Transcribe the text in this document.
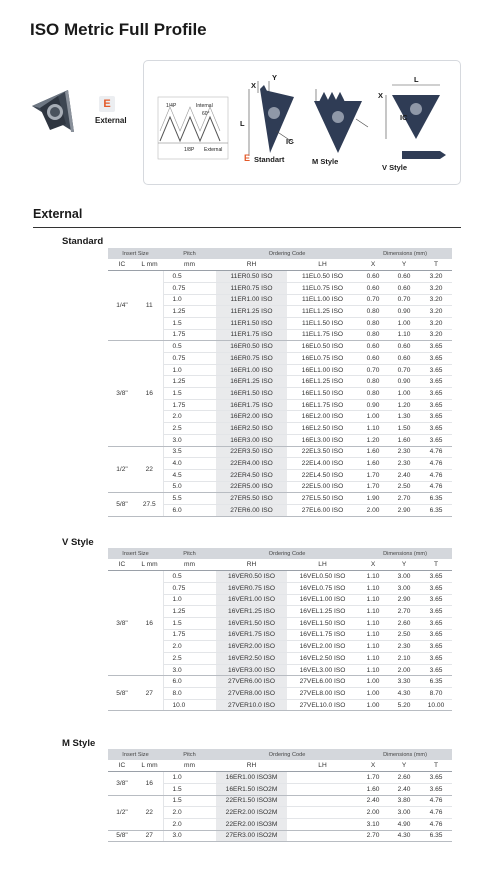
ISO Metric Full Profile
E
External
1/4P	Internal
60°
1/8P External
X
Y
L
IC
E Standart	M Style
X
L
IC
V Style
External
Standard
Insert Size		Pitch	Ordering Code		Dimensions (mm)		
IC	L mm	mm	RH	LH	X	Y	T
1/4"	11	0.5	11ER0.50 ISO	11EL0.50 ISO	0.60	0.60	3.20
		0.75	11ER0.75 ISO	11EL0.75 ISO	0.60	0.60	3.20
		1.0	11ER1.00 ISO	11EL1.00 ISO	0.70	0.70	3.20
		1.25	11ER1.25 ISO	11EL1.25 ISO	0.80	0.90	3.20
		1.5	11ER1.50 ISO	11EL1.50 ISO	0.80	1.00	3.20
		1.75	11ER1.75 ISO	11EL1.75 ISO	0.80	1.10	3.20
3/8"	16	0.5	16ER0.50 ISO	16EL0.50 ISO	0.60	0.60	3.65
		0.75	16ER0.75 ISO	16EL0.75 ISO	0.60	0.60	3.65
		1.0	16ER1.00 ISO	16EL1.00 ISO	0.70	0.70	3.65
		1.25	16ER1.25 ISO	16EL1.25 ISO	0.80	0.90	3.65
		1.5	16ER1.50 ISO	16EL1.50 ISO	0.80	1.00	3.65
		1.75	16ER1.75 ISO	16EL1.75 ISO	0.90	1.20	3.65
		2.0	16ER2.00 ISO	16EL2.00 ISO	1.00	1.30	3.65
		2.5	16ER2.50 ISO	16EL2.50 ISO	1.10	1.50	3.65
		3.0	16ER3.00 ISO	16EL3.00 ISO	1.20	1.60	3.65
1/2"	22	3.5	22ER3.50 ISO	22EL3.50 ISO	1.60	2.30	4.76
		4.0	22ER4.00 ISO	22EL4.00 ISO	1.60	2.30	4.76
		4.5	22ER4.50 ISO	22EL4.50 ISO	1.70	2.40	4.76
		5.0	22ER5.00 ISO	22EL5.00 ISO	1.70	2.50	4.76
5/8"	27.5	5.5	27ER5.50 ISO	27EL5.50 ISO	1.90	2.70	6.35
		6.0	27ER6.00 ISO	27EL6.00 ISO	2.00	2.90	6.35
V Style
Insert Size		Pitch	Ordering Code		Dimensions (mm)		
IC	L mm	mm	RH	LH	X	Y	T
3/8"	16	0.5	16VER0.50 ISO	16VEL0.50 ISO	1.10	3.00	3.65
		0.75	16VER0.75 ISO	16VEL0.75 ISO	1.10	3.00	3.65
		1.0	16VER1.00 ISO	16VEL1.00 ISO	1.10	2.90	3.65
		1.25	16VER1.25 ISO	16VEL1.25 ISO	1.10	2.70	3.65
		1.5	16VER1.50 ISO	16VEL1.50 ISO	1.10	2.60	3.65
		1.75	16VER1.75 ISO	16VEL1.75 ISO	1.10	2.50	3.65
		2.0	16VER2.00 ISO	16VEL2.00 ISO	1.10	2.30	3.65
		2.5	16VER2.50 ISO	16VEL2.50 ISO	1.10	2.10	3.65
		3.0	16VER3.00 ISO	16VEL3.00 ISO	1.10	2.00	3.65
5/8"	27	6.0	27VER6.00 ISO	27VEL6.00 ISO	1.00	3.30	6.35
		8.0	27VER8.00 ISO	27VEL8.00 ISO	1.00	4.30	8.70
		10.0	27VER10.0 ISO	27VEL10.0 ISO	1.00	5.20	10.00
M Style
Insert Size		Pitch	Ordering Code		Dimensions (mm)		
IC	L mm	mm	RH	LH	X	Y	T
3/8"	16	1.0	16ER1.00 ISO3M		1.70	2.60	3.65
		1.5	16ER1.50 ISO2M		1.60	2.40	3.65
1/2"	22	1.5	22ER1.50 ISO3M		2.40	3.80	4.76
		2.0	22ER2.00 ISO2M		2.00	3.00	4.76
		2.0	22ER2.00 ISO3M		3.10	4.90	4.76
5/8"	27	3.0	27ER3.00 ISO2M		2.70	4.30	6.35
